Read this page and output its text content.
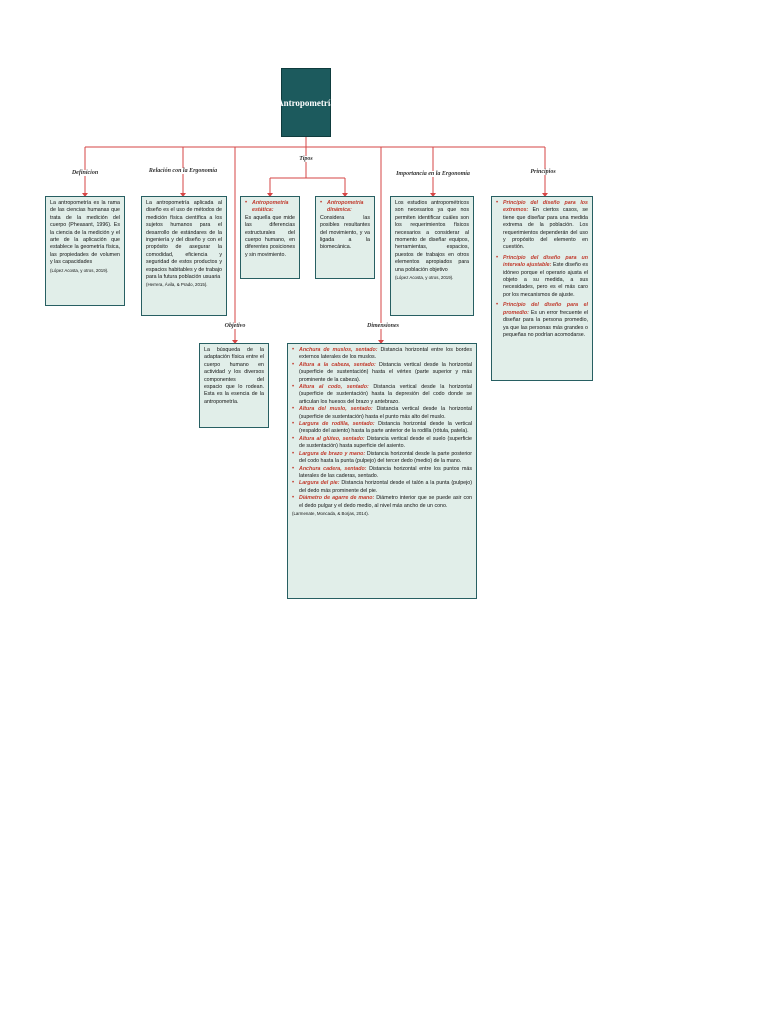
Antropometría
Definicion	Relación con la Ergonomía
Tipos
Importancia en la Ergonomía	Principios
Objetivo	Dimensiones

La antropometría es la rama de las ciencias humanas que trata de la medición del cuerpo (Pheasant, 1996). Es la ciencia de la medición y el arte de la aplicación que establece la geometría física, las propiedades de volumen y las capacidades

(López Acosta, y otros, 2019).

La antropometría aplicada al diseño es el uso de métodos de medición física científica a los sujetos humanos para el desarrollo de estándares de la ingeniería y del diseño y con el propósito de asegurar la comodidad, eficiencia y seguridad de estos productos y espacios habitables y de trabajo para la futura población usuaria

(Herrera, Ávila, & Prado, 2015).

• Antropometría estática:

Es aquella que mide las diferencias estructurales del cuerpo humano, en diferentes posiciones y sin movimiento.

• Antropometría dinámica:

Considera las posibles resultantes del movimiento, y va ligada a la biomecánica.

Los estudios antropométricos son necesarios ya que nos permiten identificar cuáles son los requerimientos físicos necesarios a considerar al momento de diseñar equipos, herramientas, espacios, puestos de trabajos en otros elementos apropiados para una población objetivo

(López Acosta, y otros, 2019).

• Principio del diseño para los extremos: En ciertos casos, se tiene que diseñar para una medida extrema de la población. Los requerimientos dependerán del uso y propósito del elemento en cuestión.

• Principio del diseño para un intervalo ajustable: Este diseño es idóneo porque el operario ajusta el objeto a su medida, a sus necesidades, pero es el más caro por los mecanismos de ajuste.

• Principio del diseño para el promedio: Es un error frecuente el diseñar para la persona promedio, ya que las personas más grandes o pequeñas no podrían acomodarse.

La búsqueda de la adaptación física entre el cuerpo humano en actividad y los diversos componentes del espacio que lo rodean. Esta es la esencia de la antropometría.

• Anchura de muslos, sentado: Distancia horizontal entre los bordes externos laterales de los muslos.

• Altura a la cabeza, sentado: Distancia vertical desde la horizontal (superficie de sustentación) hasta el vértex (parte superior y más prominente de la cabeza).

• Altura al codo, sentado: Distancia vertical desde la horizontal (superficie de sustentación) hasta la depresión del codo donde se articulan los huesos del brazo y antebrazo.

• Altura del muslo, sentado: Distancia vertical desde la horizontal (superficie de sustentación) hasta el punto más alto del muslo.

• Largura de rodilla, sentado: Distancia horizontal desde la vertical (respaldo del asiento) hasta la parte anterior de la rodilla (rótula, patela).

• Altura al glúteo, sentado: Distancia vertical desde el suelo (superficie de sustentación) hasta superficie del asiento.

• Largura de brazo y mano: Distancia horizontal desde la parte posterior del codo hasta la punta (pulpejo) del tercer dedo (medio) de la mano.

• Anchura cadera, sentado: Distancia horizontal entre los puntos más laterales de las caderas, sentado.

• Largura del pie: Distancia horizontal desde el talón a la punta (pulpejo) del dedo más prominente del pie.

• Diámetro de agarre de mano: Diámetro interior que se puede asir con el dedo pulgar y el dedo medio, al nivel más ancho de un cono.

(Larmenate, Moncada, & Borjas, 2014).
